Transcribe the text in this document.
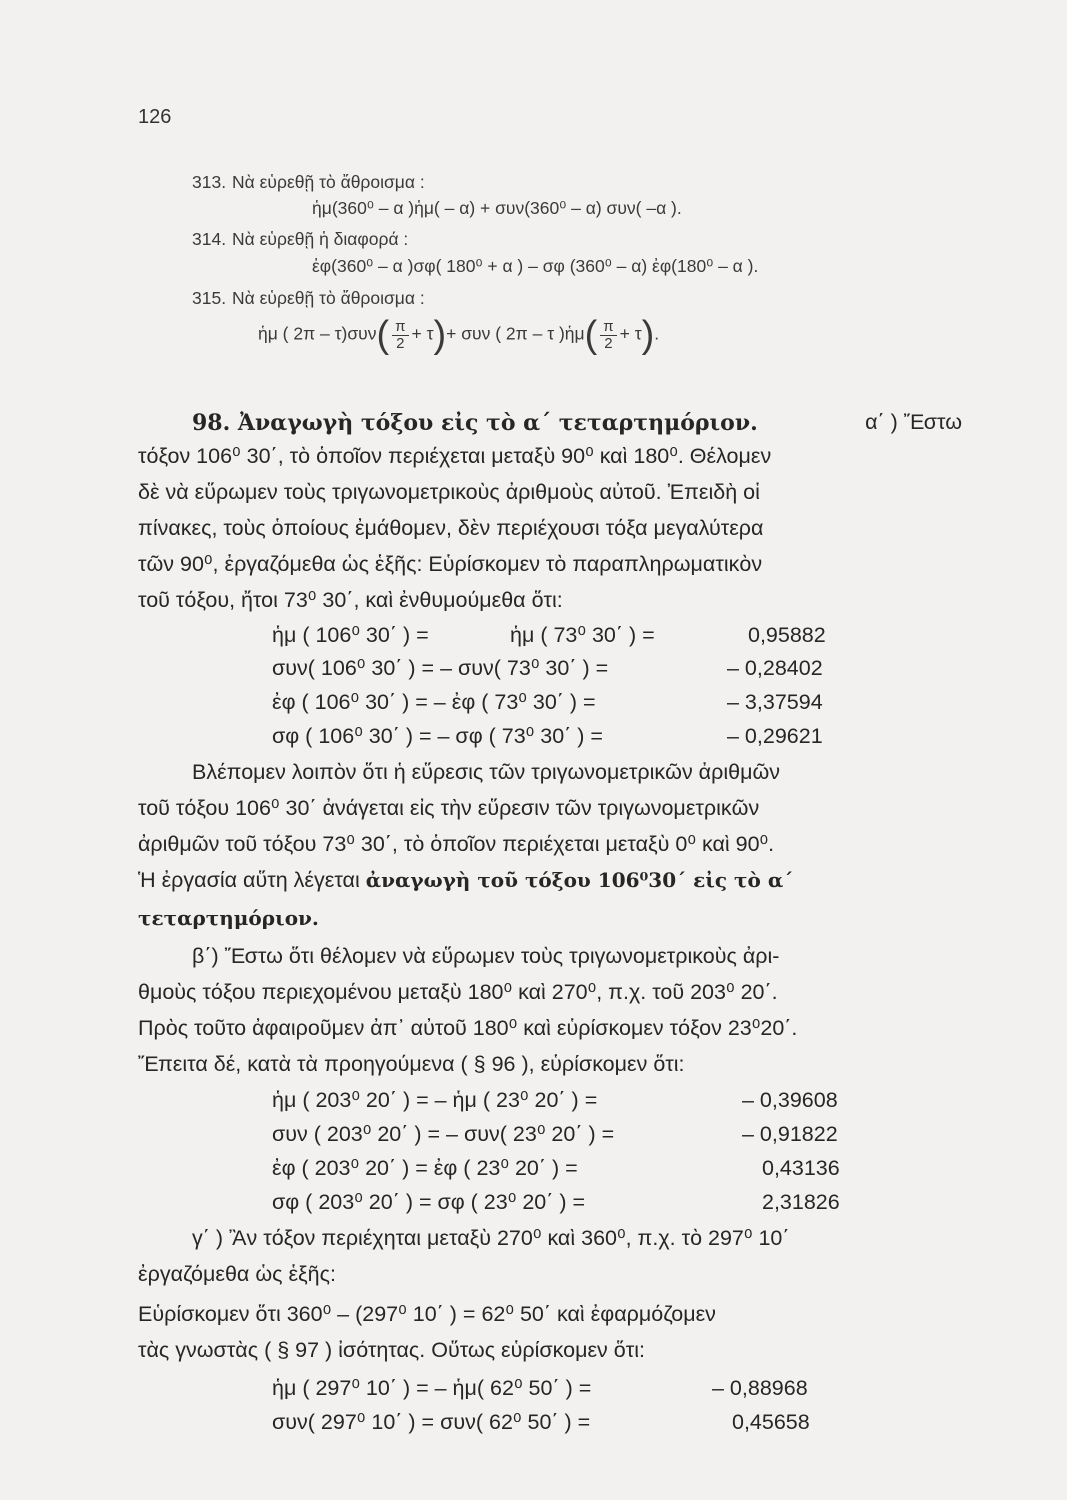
126
313. Νὰ εὑρεθῇ τὸ ἄθροισμα :
ἡμ(360⁰ – α )ἡμ( – α) + συν(360⁰ – α) συν( –α ).
314. Νὰ εὑρεθῇ ἡ διαφορά :
ἐφ(360⁰ – α )σφ( 180⁰ + α ) – σφ (360⁰ – α) ἐφ(180⁰ – α ).
315. Νὰ εὑρεθῇ τὸ ἄθροισμα :
ἡμ ( $2\pi - \tau)\sigma\upsilon\nu( \frac{\pi}{2} + \tau)+ \sigma\upsilon\nu$ ( 2π – τ )ἡμ( $\frac{\pi}{2} + \tau$).
98. Ἀναγωγὴ τόξου εἰς τὸ α΄ τεταρτημόριον.	α΄ ) Ἔστω
τόξον 106⁰ 30΄, τὸ ὁποῖον περιέχεται μεταξὺ 90⁰ καὶ 180⁰. Θέλομεν
δὲ νὰ εὕρωμεν τοὺς τριγωνομετρικοὺς ἀριθμοὺς αὐτοῦ. Ἐπειδὴ οἱ
πίνακες, τοὺς ὁποίους ἐμάθομεν, δὲν περιέχουσι τόξα μεγαλύτερα
τῶν 90⁰, ἐργαζόμεθα ὡς ἑξῆς: Εὑρίσκομεν τὸ παραπληρωματικὸν
τοῦ τόξου, ἤτοι 73⁰ 30΄, καὶ ἐνθυμούμεθα ὅτι:
ἡμ ( 106⁰ 30΄ ) =	ἡμ ( 73⁰ 30΄ ) =	0,95882
συν( 106⁰ 30΄ ) = – συν( 73⁰ 30΄ ) =	– 0,28402
ἐφ ( 106⁰ 30΄ ) = – ἐφ ( 73⁰ 30΄ ) =	– 3,37594
σφ ( 106⁰ 30΄ ) = – σφ ( 73⁰ 30΄ ) =	– 0,29621
Βλέπομεν λοιπὸν ὅτι ἡ εὕρεσις τῶν τριγωνομετρικῶν ἀριθμῶν
τοῦ τόξου 106⁰ 30΄ ἀνάγεται εἰς τὴν εὕρεσιν τῶν τριγωνομετρικῶν
ἀριθμῶν τοῦ τόξου 73⁰ 30΄, τὸ ὁποῖον περιέχεται μεταξὺ 0⁰ καὶ 90⁰.
Ἡ ἐργασία αὕτη λέγεται ἀναγωγὴ τοῦ τόξου 106⁰30΄ εἰς τὸ α΄
τεταρτημόριον.
β΄) Ἔστω ὅτι θέλομεν νὰ εὕρωμεν τοὺς τριγωνομετρικοὺς ἀρι-
θμοὺς τόξου περιεχομένου μεταξὺ 180⁰ καὶ 270⁰, π.χ. τοῦ 203⁰ 20΄.
Πρὸς τοῦτο ἀφαιροῦμεν ἀπ᾽ αὐτοῦ 180⁰ καὶ εὑρίσκομεν τόξον 23⁰20΄.
Ἔπειτα δέ, κατὰ τὰ προηγούμενα ( § 96 ), εὑρίσκομεν ὅτι:
ἡμ ( 203⁰ 20΄ ) = – ἡμ ( 23⁰ 20΄ ) =	– 0,39608
συν ( 203⁰ 20΄ ) = – συν( 23⁰ 20΄ ) =	– 0,91822
ἐφ ( 203⁰ 20΄ ) = ἐφ ( 23⁰ 20΄ ) =	0,43136
σφ ( 203⁰ 20΄ ) = σφ ( 23⁰ 20΄ ) =	2,31826
γ΄ ) Ἂν τόξον περιέχηται μεταξὺ 270⁰ καὶ 360⁰, π.χ. τὸ 297⁰ 10΄
ἐργαζόμεθα ὡς ἑξῆς:
Εὑρίσκομεν ὅτι 360⁰ – (297⁰ 10΄ ) = 62⁰ 50΄ καὶ ἐφαρμόζομεν
τὰς γνωστὰς ( § 97 ) ἰσότητας. Οὕτως εὑρίσκομεν ὅτι:
ἡμ ( 297⁰ 10΄ ) = – ἡμ( 62⁰ 50΄ ) =	– 0,88968
συν( 297⁰ 10΄ ) = συν( 62⁰ 50΄ ) =	0,45658
